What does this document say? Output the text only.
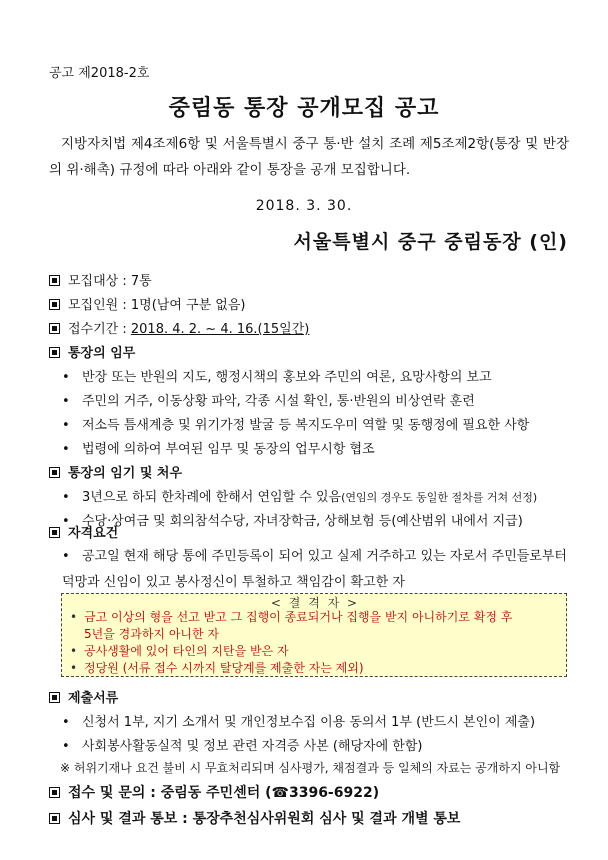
공고 제2018-2호
중림동 통장 공개모집 공고
지방자치법 제4조제6항 및 서울특별시 중구 통·반 설치 조례 제5조제2항(통장 및 반장의 위·해촉) 규정에 따라 아래와 같이 통장을 공개 모집합니다.
2018. 3. 30.
서울특별시 중구 중림동장 (인)
모집대상 : 7통
모집인원 : 1명(남여 구분 없음)
접수기간 : 2018. 4. 2. ~ 4. 16.(15일간)
통장의 임무
• 반장 또는 반원의 지도, 행정시책의 홍보와 주민의 여론, 요망사항의 보고
• 주민의 거주, 이동상황 파악, 각종 시설 확인, 통·반원의 비상연락 훈련
• 저소득 틈새계층 및 위기가정 발굴 등 복지도우미 역할 및 동행정에 필요한 사항
• 법령에 의하여 부여된 임무 및 동장의 업무시항 협조
통장의 임기 및 처우
• 3년으로 하되 한차례에 한해서 연임할 수 있음(연임의 경우도 동일한 절차를 거쳐 선정)
• 수당·상여금 및 회의참석수당, 자녀장학금, 상해보험 등(예산범위 내에서 지급)
자격요건
• 공고일 현재 해당 통에 주민등록이 되어 있고 실제 거주하고 있는 자로서 주민들로부터 덕망과 신임이 있고 봉사정신이 투철하고 책임감이 확고한 자
< 결 격 자 >
• 금고 이상의 형을 선고 받고 그 집행이 종료되거나 집행을 받지 아니하기로 확정 후
5년을 경과하지 아니한 자
• 공사생활에 있어 타인의 지탄을 받은 자
• 정당원 (서류 접수 시까지 탈당계를 제출한 자는 제외)
제출서류
• 신청서 1부, 지기 소개서 및 개인정보수집 이용 동의서 1부 (반드시 본인이 제출)
• 사회봉사활동실적 및 정보 관련 자격증 사본 (해당자에 한함)
※ 허위기재나 요건 불비 시 무효처리되며 심사평가, 채점결과 등 일체의 자료는 공개하지 아니함
접수 및 문의 : 중림동 주민센터 (☎3396-6922)
심사 및 결과 통보 : 통장추천심사위원회 심사 및 결과 개별 통보
